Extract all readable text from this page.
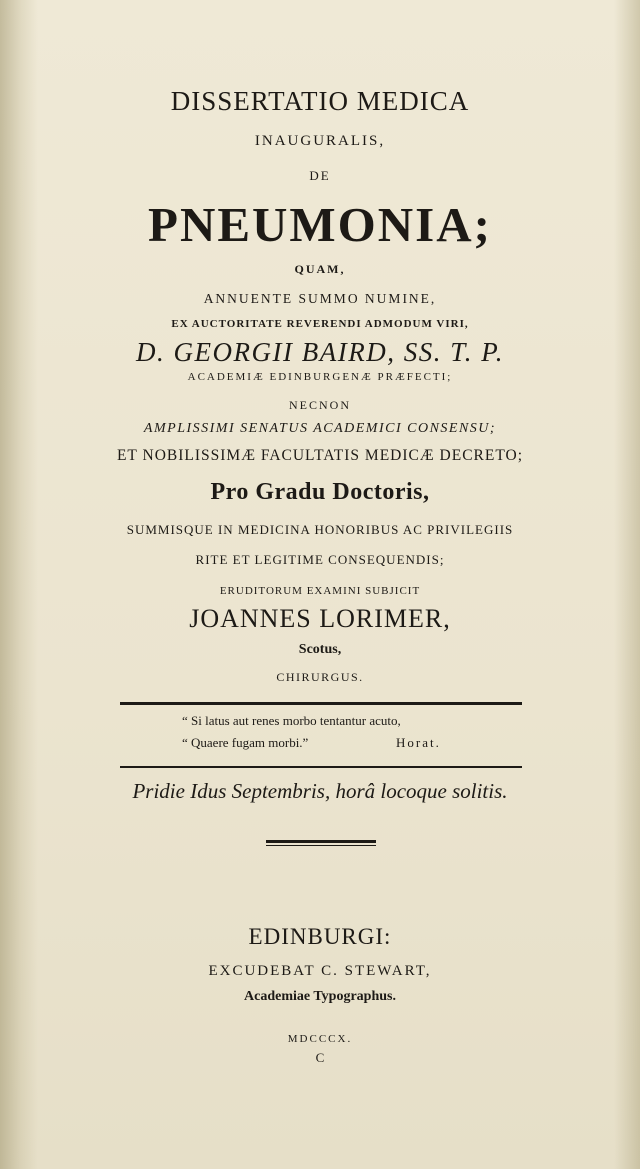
DISSERTATIO MEDICA
INAUGURALIS,
DE
PNEUMONIA;
QUAM,
ANNUENTE SUMMO NUMINE,
EX AUCTORITATE REVERENDI ADMODUM VIRI,
D. GEORGII BAIRD, SS. T. P.
ACADEMIÆ EDINBURGENÆ PRÆFECTI;
NECNON
AMPLISSIMI SENATUS ACADEMICI CONSENSU;
ET NOBILISSIMÆ FACULTATIS MEDICÆ DECRETO;
Pro Gradu Doctoris,
SUMMISQUE IN MEDICINA HONORIBUS AC PRIVILEGIIS
RITE ET LEGITIME CONSEQUENDIS;
ERUDITORUM EXAMINI SUBJICIT
JOANNES LORIMER,
Scotus,
CHIRURGUS.
“ Si latus aut renes morbo tentantur acuto,
“ Quaere fugam morbi.”	Horat.
Pridie Idus Septembris, horâ locoque solitis.
EDINBURGI:
EXCUDEBAT C. STEWART,
Academiae Typographus.
MDCCCX.
C
